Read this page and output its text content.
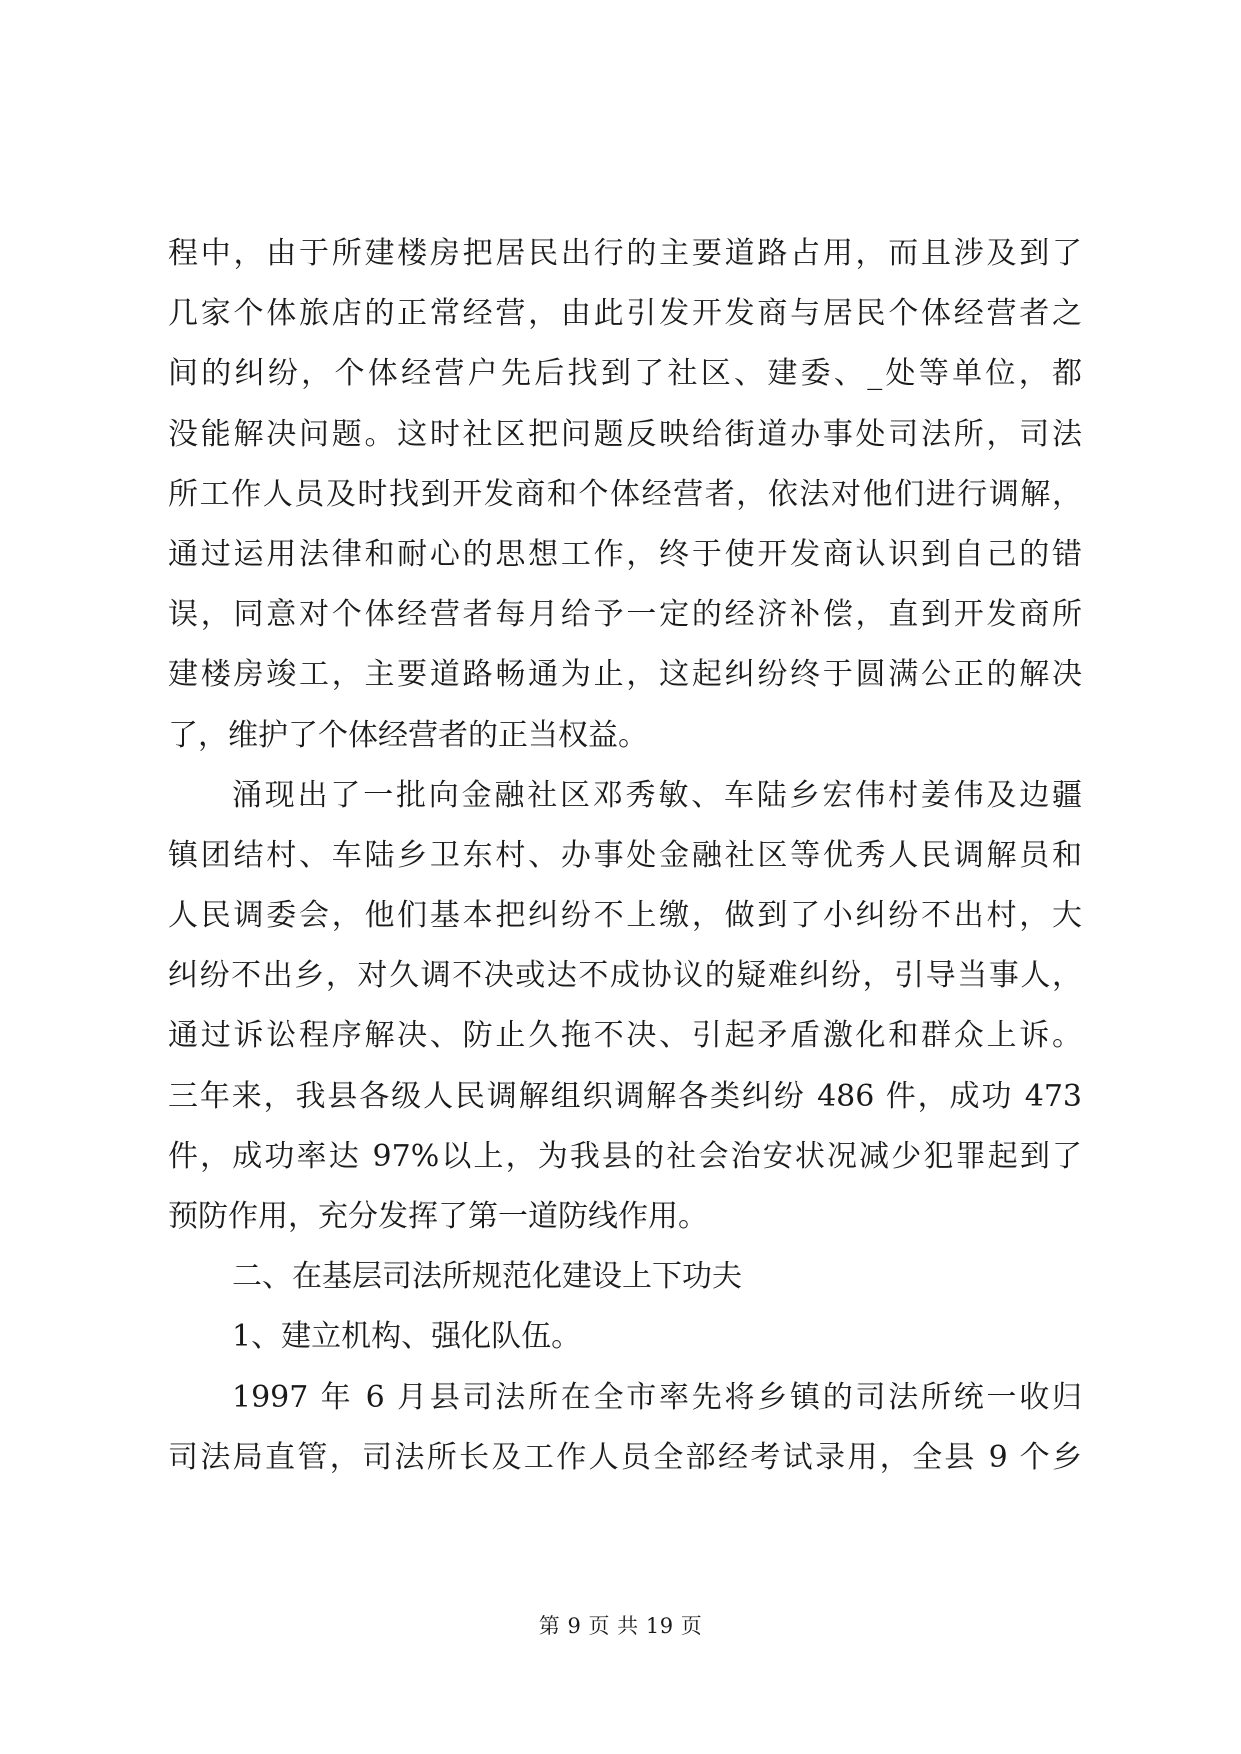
程中，由于所建楼房把居民出行的主要道路占用，而且涉及到了
几家个体旅店的正常经营，由此引发开发商与居民个体经营者之
间的纠纷，个体经营户先后找到了社区、建委、_处等单位，都
没能解决问题。这时社区把问题反映给街道办事处司法所，司法
所工作人员及时找到开发商和个体经营者，依法对他们进行调解，
通过运用法律和耐心的思想工作，终于使开发商认识到自己的错
误，同意对个体经营者每月给予一定的经济补偿，直到开发商所
建楼房竣工，主要道路畅通为止，这起纠纷终于圆满公正的解决
了，维护了个体经营者的正当权益。
涌现出了一批向金融社区邓秀敏、车陆乡宏伟村姜伟及边疆
镇团结村、车陆乡卫东村、办事处金融社区等优秀人民调解员和
人民调委会，他们基本把纠纷不上缴，做到了小纠纷不出村，大
纠纷不出乡，对久调不决或达不成协议的疑难纠纷，引导当事人，
通过诉讼程序解决、防止久拖不决、引起矛盾激化和群众上诉。
三年来，我县各级人民调解组织调解各类纠纷 486 件，成功 473
件，成功率达 97%以上，为我县的社会治安状况减少犯罪起到了
预防作用，充分发挥了第一道防线作用。
二、在基层司法所规范化建设上下功夫
1、建立机构、强化队伍。
1997 年 6 月县司法所在全市率先将乡镇的司法所统一收归
司法局直管，司法所长及工作人员全部经考试录用，全县 9 个乡
第 9 页 共 19 页
